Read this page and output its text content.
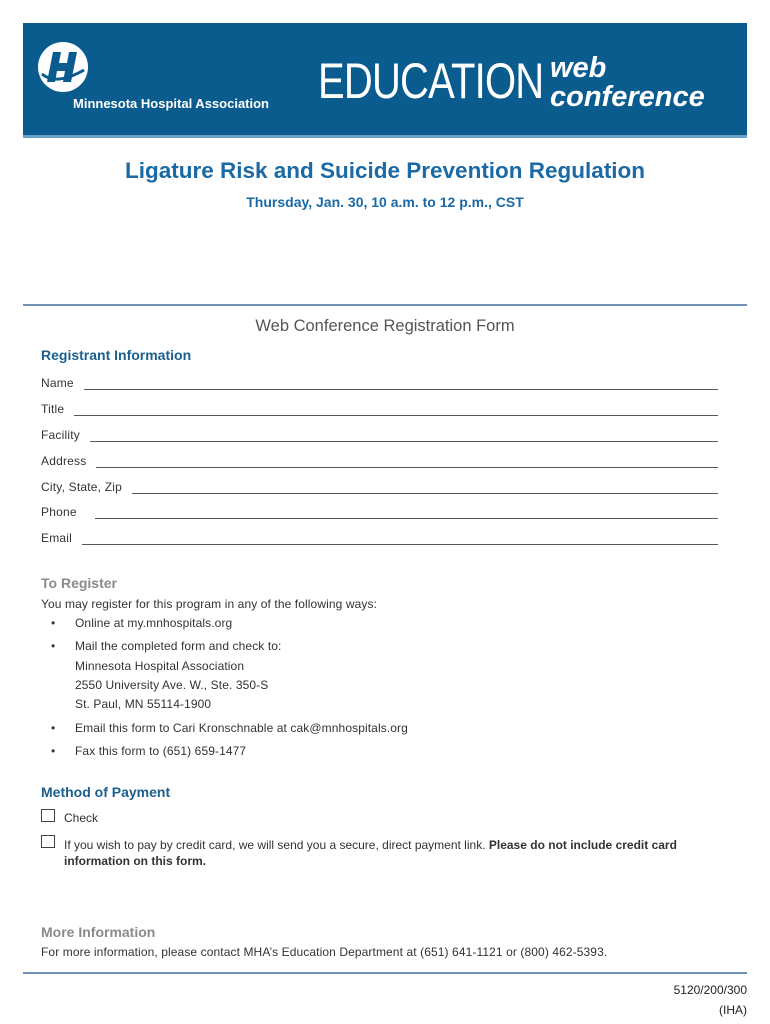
Minnesota Hospital Association EDUCATION web
conference
Ligature Risk and Suicide Prevention Regulation
Thursday, Jan. 30, 10 a.m. to 12 p.m., CST
Web Conference Registration Form
Registrant Information
Name
Title
Facility
Address
City, State, Zip
Phone
Email
To Register
You may register for this program in any of the following ways:
• Online at my.mnhospitals.org
• Mail the completed form and check to:
Minnesota Hospital Association
2550 University Ave. W., Ste. 350-S
St. Paul, MN 55114-1900
• Email this form to Cari Kronschnable at cak@mnhospitals.org
• Fax this form to (651) 659-1477
Method of Payment
Check
If you wish to pay by credit card, we will send you a secure, direct payment link. Please do not include credit card
information on this form.
More Information
For more information, please contact MHA’s Education Department at (651) 641-1121 or (800) 462-5393.
5120/200/300
(IHA)
